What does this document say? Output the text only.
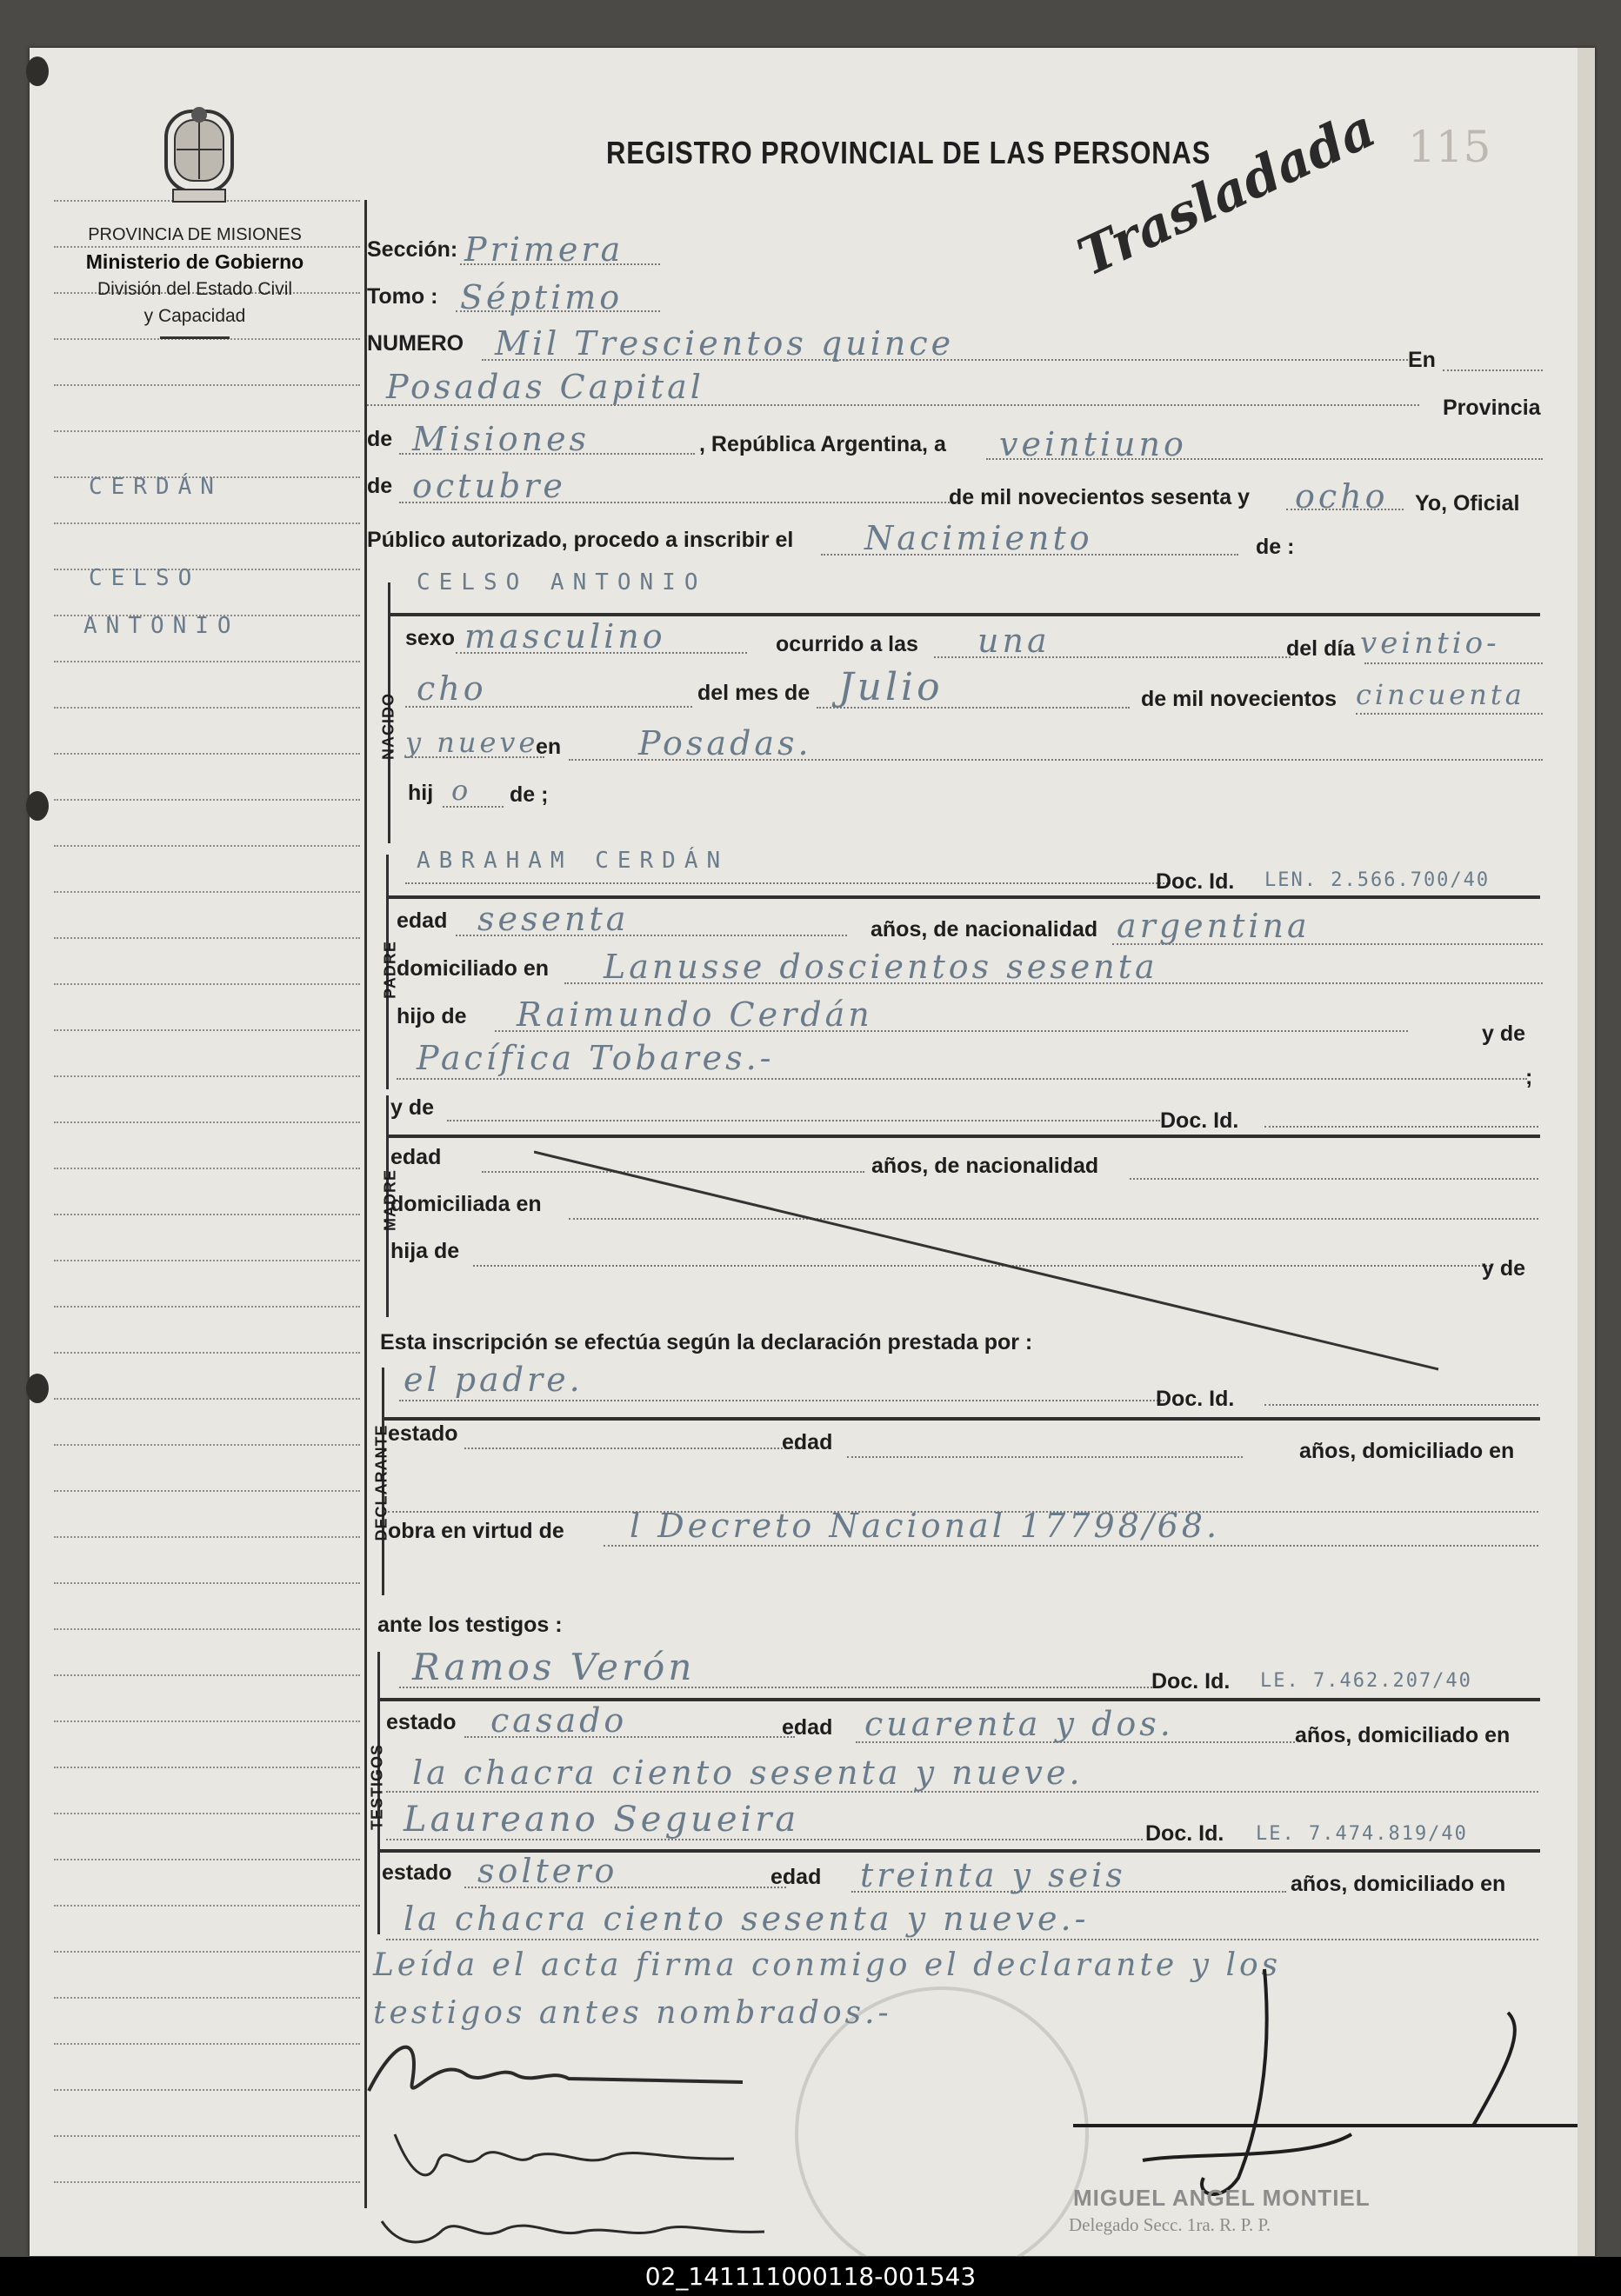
PROVINCIA DE MISIONES
Ministerio de Gobierno
División del Estado Civil
y Capacidad
REGISTRO PROVINCIAL DE LAS PERSONAS	115
Trasladada
CERDÁN
CELSO
ANTONIO
Sección: Primera
Tomo : Séptimo
NUMERO Mil Trescientos quince	En
Posadas Capital
Provincia
de Misiones	, República Argentina, a veintiuno
de octubre	de mil novecientos sesenta y ocho Yo, Oficial
Público autorizado, procedo a inscribir el Nacimiento	de :
NACIDO
CELSO ANTONIO
sexo masculino	ocurrido a las una	del día veintio-
cho	del mes de Julio	de mil novecientos cincuenta
y nueve
en Posadas.
hij o de ;
PADRE
ABRAHAM CERDÁN
Doc. Id. LEN. 2.566.700/40
edad sesenta	años, de nacionalidad argentina
domiciliado en Lanusse doscientos sesenta
hijo de Raimundo Cerdán	y de
Pacífica Tobares.-	;
MADRE
y de
Doc. Id.
edad	años, de nacionalidad
domiciliada en
hija de
y de
Esta inscripción se efectúa según la declaración prestada por :
DECLARANTE
el padre.	Doc. Id.
estado	edad	años, domiciliado en
obra en virtud de l Decreto Nacional 17798/68.
ante los testigos :
TESTIGOS
Ramos Verón	Doc. Id. LE. 7.462.207/40
estado casado	edad cuarenta y dos.	años, domiciliado en
la chacra ciento sesenta y nueve.
Laureano Segueira	Doc. Id. LE. 7.474.819/40
estado soltero	edad treinta y seis	años, domiciliado en
la chacra ciento sesenta y nueve.-
Leída el acta firma conmigo el declarante y los
testigos antes nombrados.-
MIGUEL ANGEL MONTIEL
Delegado Secc. 1ra. R. P. P.
02_141111000118-001543
